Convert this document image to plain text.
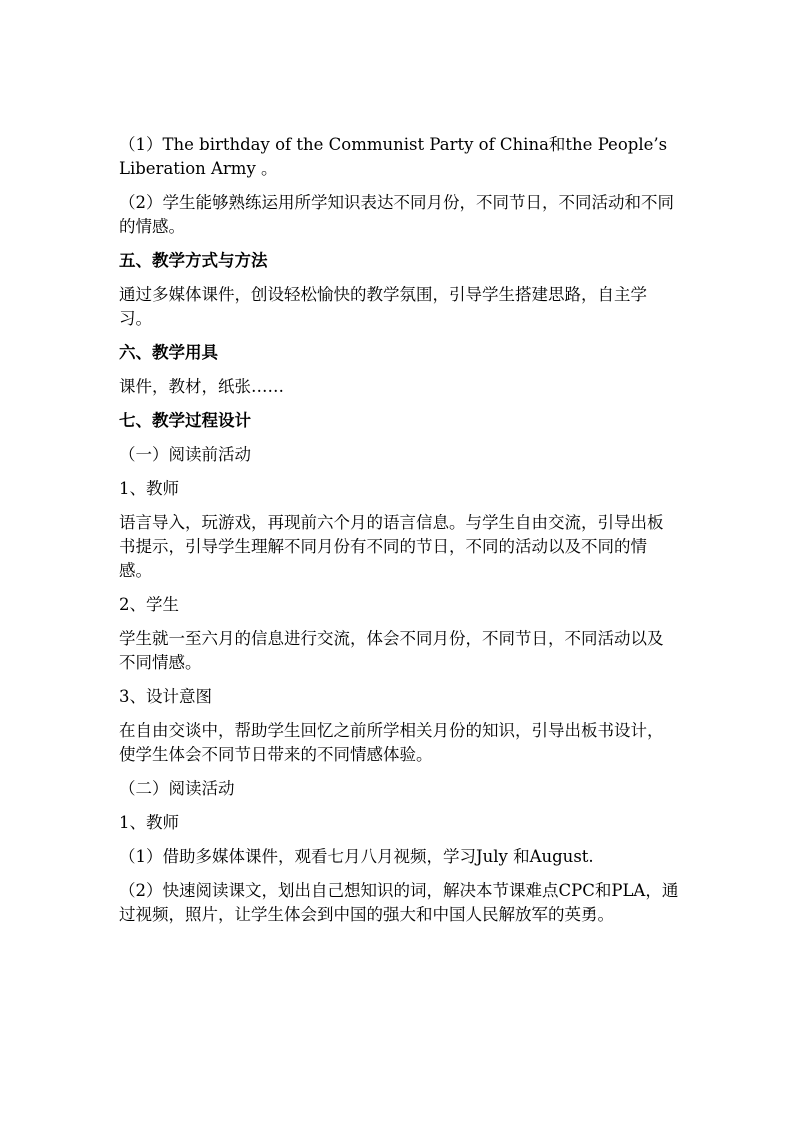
（1）The birthday of the Communist Party of China和the People’s Liberation Army 。

（2）学生能够熟练运用所学知识表达不同月份，不同节日，不同活动和不同的情感。

五、教学方式与方法

通过多媒体课件，创设轻松愉快的教学氛围，引导学生搭建思路，自主学习。

六、教学用具

课件，教材，纸张……

七、教学过程设计

（一）阅读前活动

1、教师

语言导入，玩游戏，再现前六个月的语言信息。与学生自由交流，引导出板书提示，引导学生理解不同月份有不同的节日，不同的活动以及不同的情感。

2、学生

学生就一至六月的信息进行交流，体会不同月份，不同节日，不同活动以及不同情感。

3、设计意图

在自由交谈中，帮助学生回忆之前所学相关月份的知识，引导出板书设计，使学生体会不同节日带来的不同情感体验。

（二）阅读活动

1、教师

（1）借助多媒体课件，观看七月八月视频，学习July 和August.

（2）快速阅读课文，划出自己想知识的词，解决本节课难点CPC和PLA，通过视频，照片，让学生体会到中国的强大和中国人民解放军的英勇。
